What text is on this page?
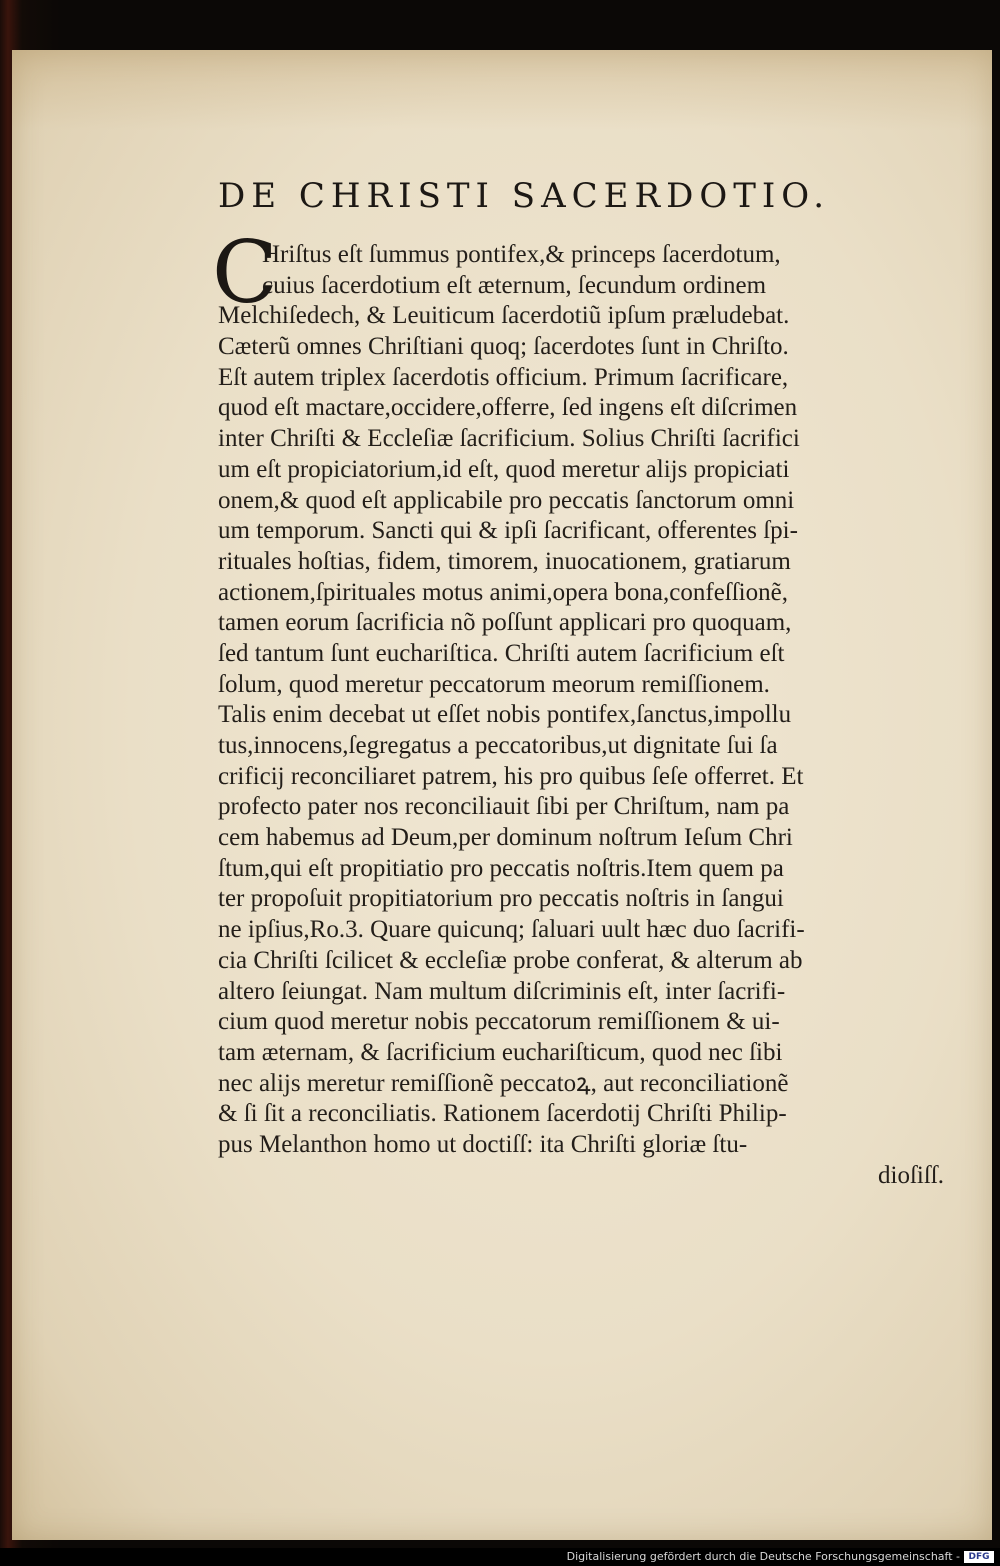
DE CHRISTI SACERDOTIO.
C
Hriſtus eſt ſummus pontifex,& princeps ſacerdotum,
cuius ſacerdotium eſt æternum, ſecundum ordinem
Melchiſedech, & Leuiticum ſacerdotiũ ipſum præludebat.
Cæterũ omnes Chriſtiani quoq; ſacerdotes ſunt in Chriſto.
Eſt autem triplex ſacerdotis officium. Primum ſacrificare,
quod eſt mactare,occidere,offerre, ſed ingens eſt diſcrimen
inter Chriſti & Eccleſiæ ſacrificium. Solius Chriſti ſacrifici
um eſt propiciatorium,id eſt, quod meretur alijs propiciati
onem,& quod eſt applicabile pro peccatis ſanctorum omni
um temporum. Sancti qui & ipſi ſacrificant, offerentes ſpi-
rituales hoſtias, fidem, timorem, inuocationem, gratiarum
actionem,ſpirituales motus animi,opera bona,confeſſionẽ,
tamen eorum ſacrificia nõ poſſunt applicari pro quoquam,
ſed tantum ſunt euchariſtica. Chriſti autem ſacrificium eſt
ſolum, quod meretur peccatorum meorum remiſſionem.
Talis enim decebat ut eſſet nobis pontifex,ſanctus,impollu
tus,innocens,ſegregatus a peccatoribus,ut dignitate ſui ſa
crificij reconciliaret patrem, his pro quibus ſeſe offerret. Et
profecto pater nos reconciliauit ſibi per Chriſtum, nam pa
cem habemus ad Deum,per dominum noſtrum Ieſum Chri
ſtum,qui eſt propitiatio pro peccatis noſtris.Item quem pa
ter propoſuit propitiatorium pro peccatis noſtris in ſangui
ne ipſius,Ro.3. Quare quicunq; ſaluari uult hæc duo ſacrifi-
cia Chriſti ſcilicet & eccleſiæ probe conferat, & alterum ab
altero ſeiungat. Nam multum diſcriminis eſt, inter ſacrifi-
cium quod meretur nobis peccatorum remiſſionem & ui-
tam æternam, & ſacrificium euchariſticum, quod nec ſibi
nec alijs meretur remiſſionẽ peccatoꝝ, aut reconciliationẽ
& ſi ſit a reconciliatis. Rationem ſacerdotij Chriſti Philip-
pus Melanthon homo ut doctiſſ: ita Chriſti gloriæ ſtu-
dioſiſſ.
Digitalisierung gefördert durch die Deutsche Forschungsgemeinschaft - DFG
